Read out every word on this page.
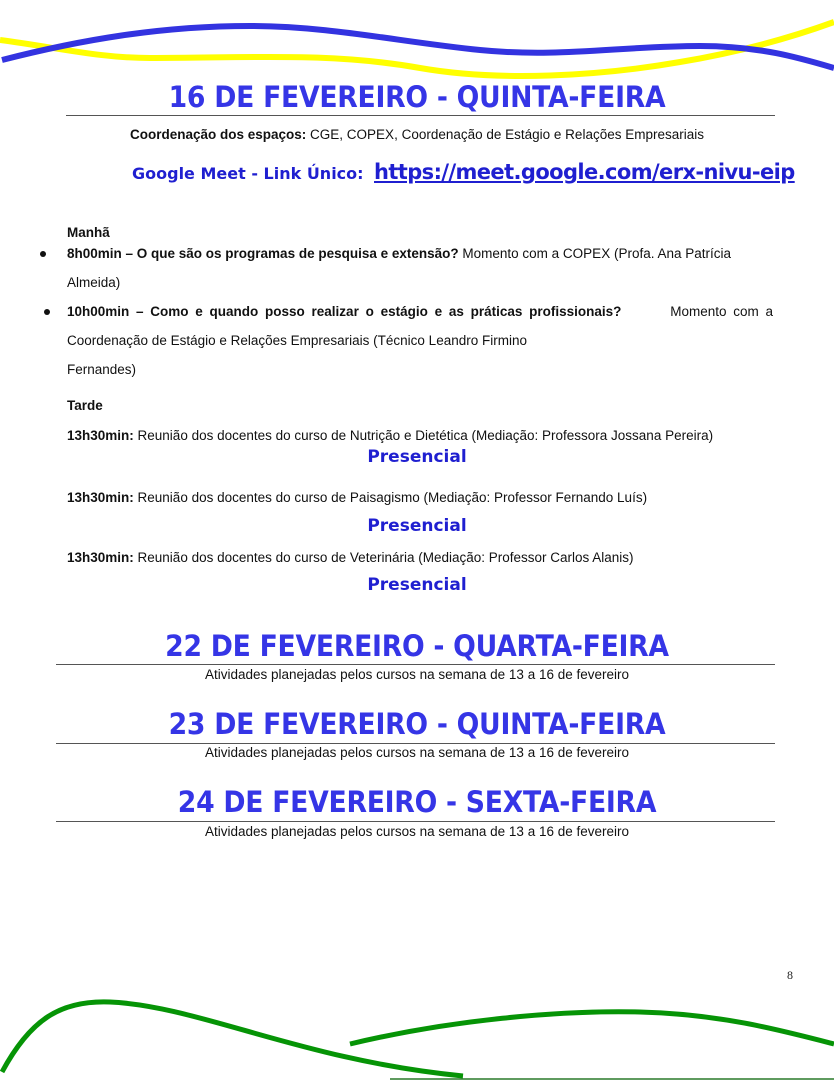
16 DE FEVEREIRO - QUINTA-FEIRA
Coordenação dos espaços: CGE, COPEX, Coordenação de Estágio e Relações Empresariais
Google Meet - Link Único: https://meet.google.com/erx-nivu-eip
Manhã
8h00min – O que são os programas de pesquisa e extensão? Momento com a COPEX (Profa. Ana Patrícia
Almeida)
10h00min – Como e quando posso realizar o estágio e as práticas profissionais?	Momento com a
Coordenação de Estágio e Relações Empresariais (Técnico Leandro Firmino
Fernandes)
Tarde
13h30min: Reunião dos docentes do curso de Nutrição e Dietética (Mediação: Professora Jossana Pereira)
Presencial
13h30min: Reunião dos docentes do curso de Paisagismo (Mediação: Professor Fernando Luís)
Presencial
13h30min: Reunião dos docentes do curso de Veterinária (Mediação: Professor Carlos Alanis)
Presencial
22 DE FEVEREIRO - QUARTA-FEIRA
Atividades planejadas pelos cursos na semana de 13 a 16 de fevereiro
23 DE FEVEREIRO - QUINTA-FEIRA
Atividades planejadas pelos cursos na semana de 13 a 16 de fevereiro
24 DE FEVEREIRO - SEXTA-FEIRA
Atividades planejadas pelos cursos na semana de 13 a 16 de fevereiro
8
